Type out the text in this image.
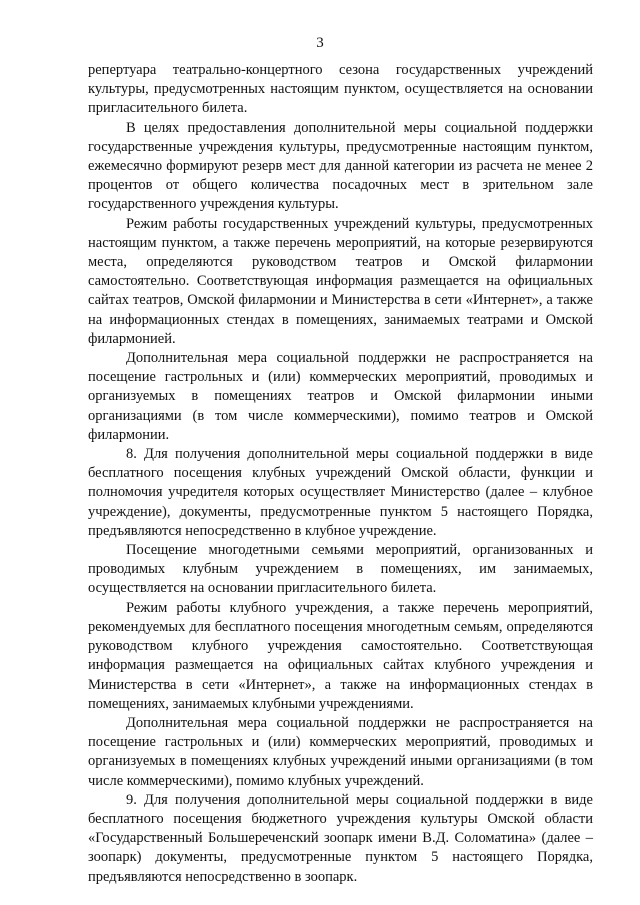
3

репертуара театрально-концертного сезона государственных учреждений культуры, предусмотренных настоящим пунктом, осуществляется на основании пригласительного билета.

В целях предоставления дополнительной меры социальной поддержки государственные учреждения культуры, предусмотренные настоящим пунктом, ежемесячно формируют резерв мест для данной категории из расчета не менее 2 процентов от общего количества посадочных мест в зрительном зале государственного учреждения культуры.

Режим работы государственных учреждений культуры, предусмотренных настоящим пунктом, а также перечень мероприятий, на которые резервируются места, определяются руководством театров и Омской филармонии самостоятельно. Соответствующая информация размещается на официальных сайтах театров, Омской филармонии и Министерства в сети «Интернет», а также на информационных стендах в помещениях, занимаемых театрами и Омской филармонией.

Дополнительная мера социальной поддержки не распространяется на посещение гастрольных и (или) коммерческих мероприятий, проводимых и организуемых в помещениях театров и Омской филармонии иными организациями (в том числе коммерческими), помимо театров и Омской филармонии.

8. Для получения дополнительной меры социальной поддержки в виде бесплатного посещения клубных учреждений Омской области, функции и полномочия учредителя которых осуществляет Министерство (далее – клубное учреждение), документы, предусмотренные пунктом 5 настоящего Порядка, предъявляются непосредственно в клубное учреждение.

Посещение многодетными семьями мероприятий, организованных и проводимых клубным учреждением в помещениях, им занимаемых, осуществляется на основании пригласительного билета.

Режим работы клубного учреждения, а также перечень мероприятий, рекомендуемых для бесплатного посещения многодетным семьям, определяются руководством клубного учреждения самостоятельно. Соответствующая информация размещается на официальных сайтах клубного учреждения и Министерства в сети «Интернет», а также на информационных стендах в помещениях, занимаемых клубными учреждениями.

Дополнительная мера социальной поддержки не распространяется на посещение гастрольных и (или) коммерческих мероприятий, проводимых и организуемых в помещениях клубных учреждений иными организациями (в том числе коммерческими), помимо клубных учреждений.

9. Для получения дополнительной меры социальной поддержки в виде бесплатного посещения бюджетного учреждения культуры Омской области «Государственный Большереченский зоопарк имени В.Д. Соломатина» (далее – зоопарк) документы, предусмотренные пунктом 5 настоящего Порядка, предъявляются непосредственно в зоопарк.
